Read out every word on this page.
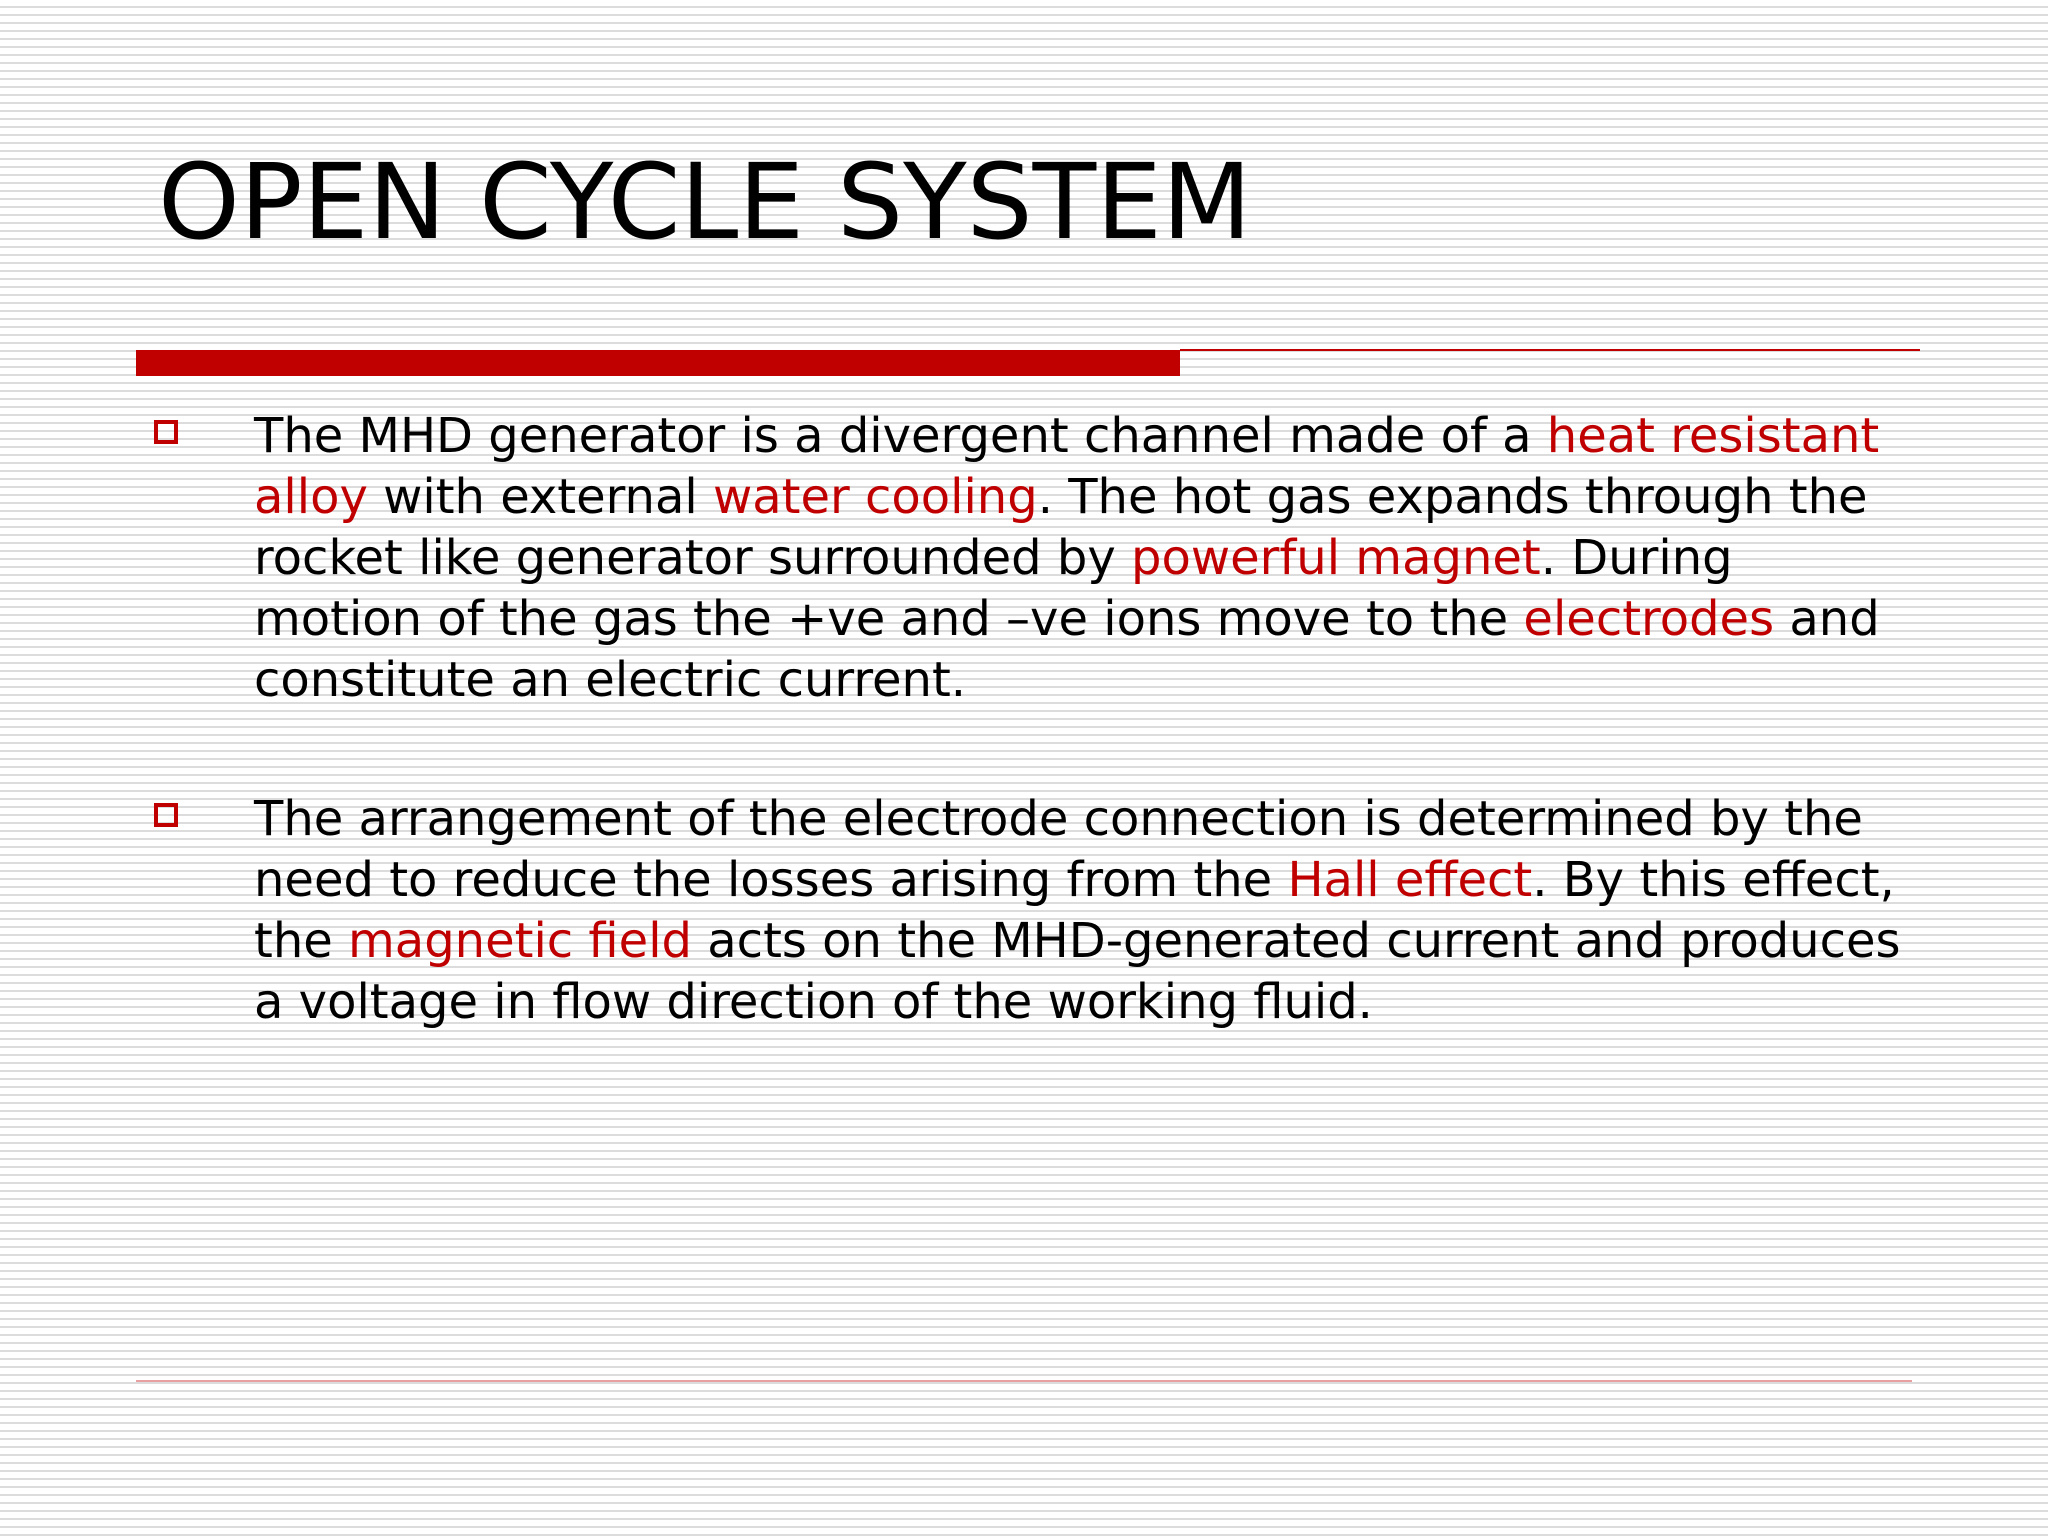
OPEN CYCLE SYSTEM
The MHD generator is a divergent channel made of a heat resistant alloy with external water cooling. The hot gas expands through the rocket like generator surrounded by powerful magnet. During motion of the gas the +ve and –ve ions move to the electrodes and constitute an electric current.
The arrangement of the electrode connection is determined by the need to reduce the losses arising from the Hall effect. By this effect, the magnetic field acts on the MHD-generated current and produces a voltage in flow direction of the working fluid.
